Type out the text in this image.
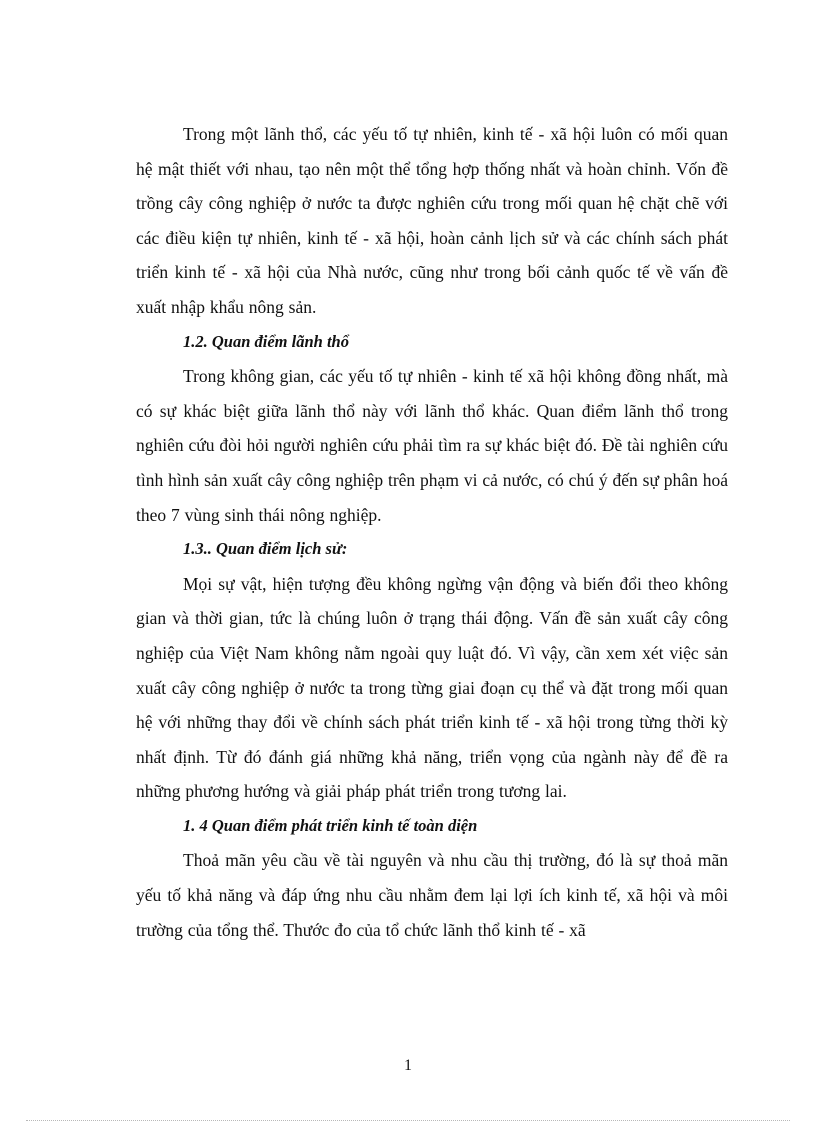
Trong một lãnh thổ, các yếu tố tự nhiên, kinh tế - xã hội luôn có mối quan hệ mật thiết với nhau, tạo nên một thể tổng hợp thống nhất và hoàn chỉnh. Vốn đề trồng cây công nghiệp ở nước ta được nghiên cứu trong mối quan hệ chặt chẽ với các điều kiện tự nhiên, kinh tế - xã hội, hoàn cảnh lịch sử và các chính sách phát triển kinh tế - xã hội của Nhà nước, cũng như trong bối cảnh quốc tế về vấn đề xuất nhập khẩu nông sản.

1.2. Quan điểm lãnh thổ

Trong không gian, các yếu tố tự nhiên - kinh tế xã hội không đồng nhất, mà có sự khác biệt giữa lãnh thổ này với lãnh thổ khác. Quan điểm lãnh thổ trong nghiên cứu đòi hỏi người nghiên cứu phải tìm ra sự khác biệt đó. Đề tài nghiên cứu tình hình sản xuất cây công nghiệp trên phạm vi cả nước, có chú ý đến sự phân hoá theo 7 vùng sinh thái nông nghiệp.

1.3.. Quan điểm lịch sử:

Mọi sự vật, hiện tượng đều không ngừng vận động và biến đổi theo không gian và thời gian, tức là chúng luôn ở trạng thái động. Vấn đề sản xuất cây công nghiệp của Việt Nam không nằm ngoài quy luật đó. Vì vậy, cần xem xét việc sản xuất cây công nghiệp ở nước ta trong từng giai đoạn cụ thể và đặt trong mối quan hệ với những thay đổi về chính sách phát triển kinh tế - xã hội trong từng thời kỳ nhất định. Từ đó đánh giá những khả năng, triển vọng của ngành này để đề ra những phương hướng và giải pháp phát triển trong tương lai.

1. 4 Quan điểm phát triển kinh tế toàn diện

Thoả mãn yêu cầu về tài nguyên và nhu cầu thị trường, đó là sự thoả mãn yếu tố khả năng và đáp ứng nhu cầu nhằm đem lại lợi ích kinh tế, xã hội và môi trường của tổng thể. Thước đo của tổ chức lãnh thổ kinh tế - xã

1
